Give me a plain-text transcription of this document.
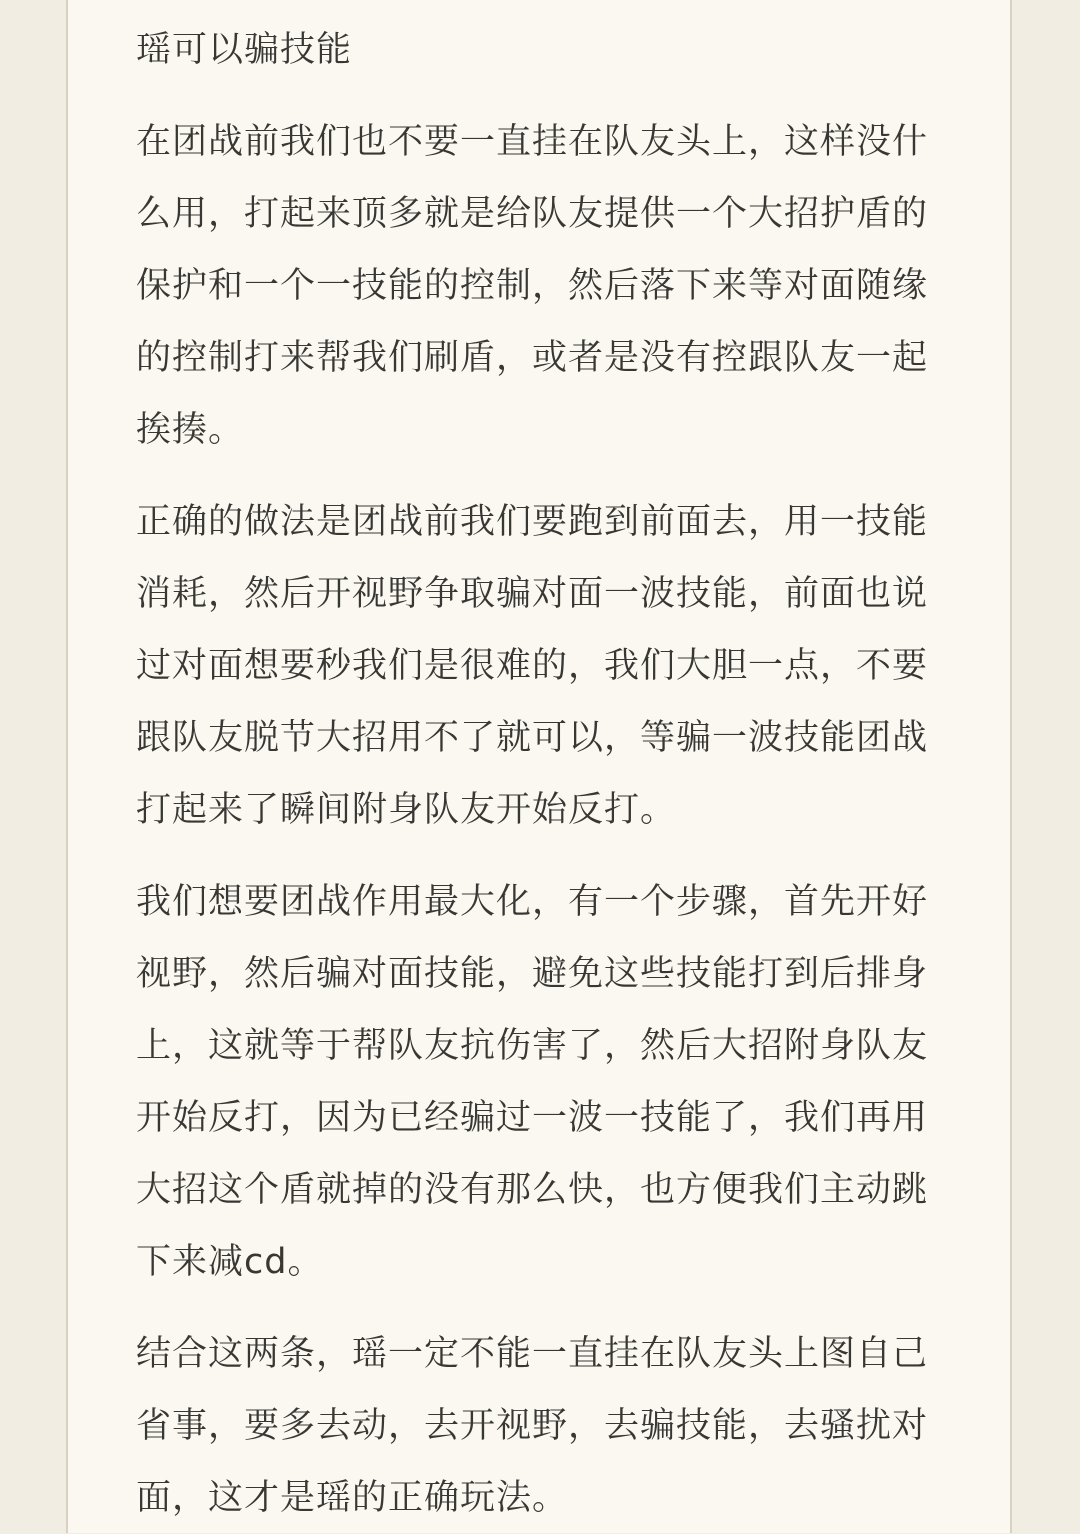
瑶可以骗技能

在团战前我们也不要一直挂在队友头上，这样没什么用，打起来顶多就是给队友提供一个大招护盾的保护和一个一技能的控制，然后落下来等对面随缘的控制打来帮我们刷盾，或者是没有控跟队友一起挨揍。

正确的做法是团战前我们要跑到前面去，用一技能消耗，然后开视野争取骗对面一波技能，前面也说过对面想要秒我们是很难的，我们大胆一点，不要跟队友脱节大招用不了就可以，等骗一波技能团战打起来了瞬间附身队友开始反打。

我们想要团战作用最大化，有一个步骤，首先开好视野，然后骗对面技能，避免这些技能打到后排身上，这就等于帮队友抗伤害了，然后大招附身队友开始反打，因为已经骗过一波一技能了，我们再用大招这个盾就掉的没有那么快，也方便我们主动跳下来减cd。

结合这两条，瑶一定不能一直挂在队友头上图自己省事，要多去动，去开视野，去骗技能，去骚扰对面，这才是瑶的正确玩法。
